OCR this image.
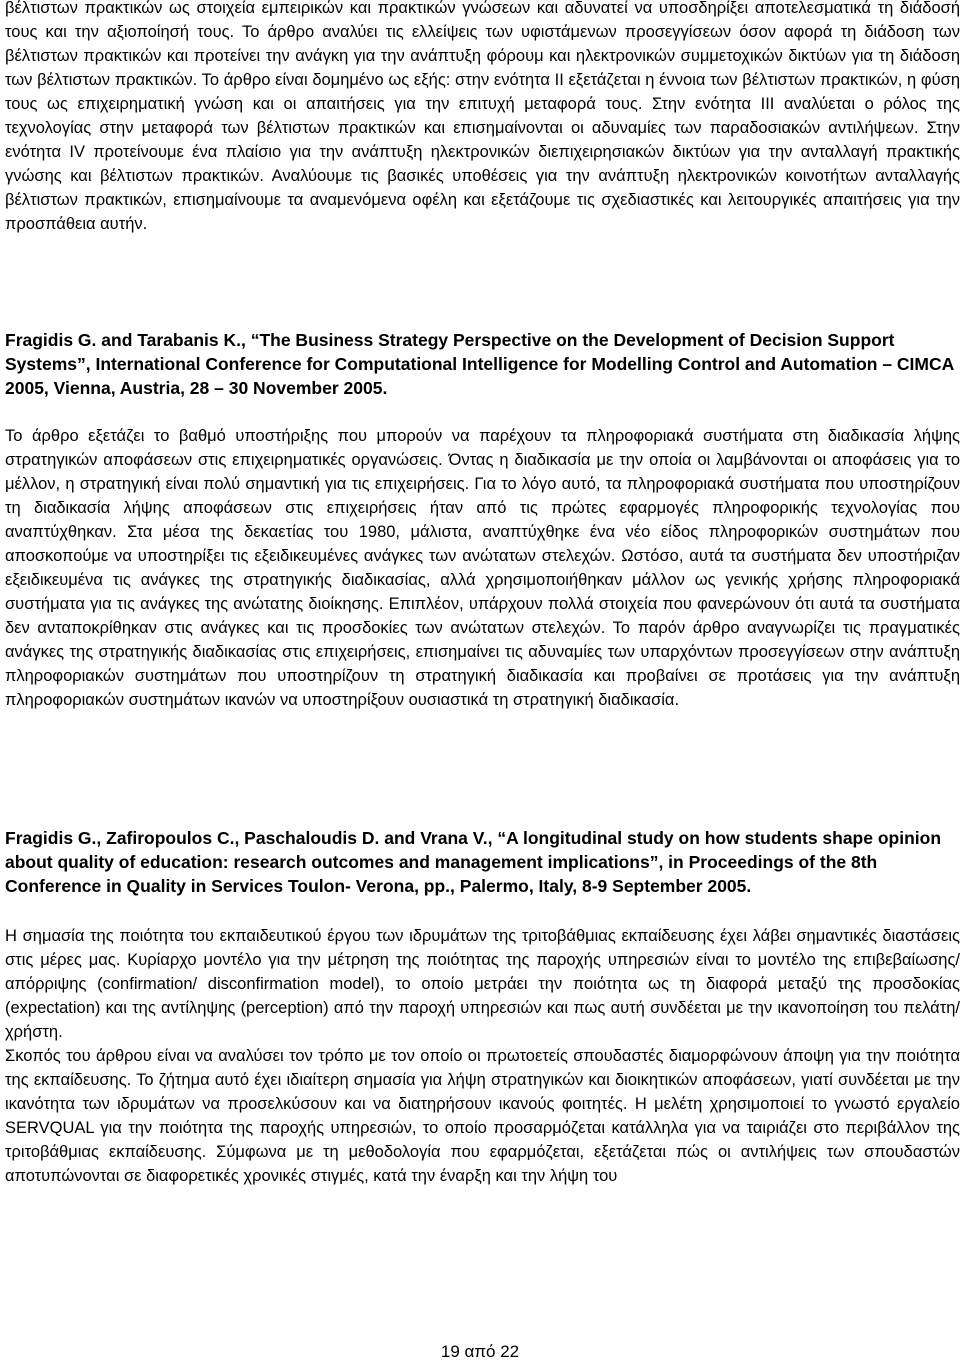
βέλτιστων πρακτικών ως στοιχεία εμπειρικών και πρακτικών γνώσεων και αδυνατεί να υποσδηρίξει αποτελεσματικά τη διάδοσή τους και την αξιοποίησή τους. Το άρθρο αναλύει τις ελλείψεις των υφιστάμενων προσεγγίσεων όσον αφορά τη διάδοση των βέλτιστων πρακτικών και προτείνει την ανάγκη για την ανάπτυξη φόρουμ και ηλεκτρονικών συμμετοχικών δικτύων για τη διάδοση των βέλτιστων πρακτικών. Το άρθρο είναι δομημένο ως εξής: στην ενότητα II εξετάζεται η έννοια των βέλτιστων πρακτικών, η φύση τους ως επιχειρηματική γνώση και οι απαιτήσεις για την επιτυχή μεταφορά τους. Στην ενότητα III αναλύεται ο ρόλος της τεχνολογίας στην μεταφορά των βέλτιστων πρακτικών και επισημαίνονται οι αδυναμίες των παραδοσιακών αντιλήψεων. Στην ενότητα IV προτείνουμε ένα πλαίσιο για την ανάπτυξη ηλεκτρονικών διεπιχειρησιακών δικτύων για την ανταλλαγή πρακτικής γνώσης και βέλτιστων πρακτικών. Αναλύουμε τις βασικές υποθέσεις για την ανάπτυξη ηλεκτρονικών κοινοτήτων ανταλλαγής βέλτιστων πρακτικών, επισημαίνουμε τα αναμενόμενα οφέλη και εξετάζουμε τις σχεδιαστικές και λειτουργικές απαιτήσεις για την προσπάθεια αυτήν.

Fragidis G. and Tarabanis K., “The Business Strategy Perspective on the Development of Decision Support Systems”, International Conference for Computational Intelligence for Modelling Control and Automation – CIMCA 2005, Vienna, Austria, 28 – 30 November 2005.

Το άρθρο εξετάζει το βαθμό υποστήριξης που μπορούν να παρέχουν τα πληροφοριακά συστήματα στη διαδικασία λήψης στρατηγικών αποφάσεων στις επιχειρηματικές οργανώσεις. Όντας η διαδικασία με την οποία οι λαμβάνονται οι αποφάσεις για το μέλλον, η στρατηγική είναι πολύ σημαντική για τις επιχειρήσεις. Για το λόγο αυτό, τα πληροφοριακά συστήματα που υποστηρίζουν τη διαδικασία λήψης αποφάσεων στις επιχειρήσεις ήταν από τις πρώτες εφαρμογές πληροφορικής τεχνολογίας που αναπτύχθηκαν. Στα μέσα της δεκαετίας του 1980, μάλιστα, αναπτύχθηκε ένα νέο είδος πληροφορικών συστημάτων που αποσκοπούμε να υποστηρίξει τις εξειδικευμένες ανάγκες των ανώτατων στελεχών. Ωστόσο, αυτά τα συστήματα δεν υποστήριζαν εξειδικευμένα τις ανάγκες της στρατηγικής διαδικασίας, αλλά χρησιμοποιήθηκαν μάλλον ως γενικής χρήσης πληροφοριακά συστήματα για τις ανάγκες της ανώτατης διοίκησης. Επιπλέον, υπάρχουν πολλά στοιχεία που φανερώνουν ότι αυτά τα συστήματα δεν ανταποκρίθηκαν στις ανάγκες και τις προσδοκίες των ανώτατων στελεχών. Το παρόν άρθρο αναγνωρίζει τις πραγματικές ανάγκες της στρατηγικής διαδικασίας στις επιχειρήσεις, επισημαίνει τις αδυναμίες των υπαρχόντων προσεγγίσεων στην ανάπτυξη πληροφοριακών συστημάτων που υποστηρίζουν τη στρατηγική διαδικασία και προβαίνει σε προτάσεις για την ανάπτυξη πληροφοριακών συστημάτων ικανών να υποστηρίξουν ουσιαστικά τη στρατηγική διαδικασία.

Fragidis G., Zafiropoulos C., Paschaloudis D. and Vrana V., “A longitudinal study on how students shape opinion about quality of education: research outcomes and management implications”, in Proceedings of the 8th Conference in Quality in Services Toulon- Verona, pp., Palermo, Italy, 8-9 September 2005.

Η σημασία της ποιότητα του εκπαιδευτικού έργου των ιδρυμάτων της τριτοβάθμιας εκπαίδευσης έχει λάβει σημαντικές διαστάσεις στις μέρες μας. Κυρίαρχο μοντέλο για την μέτρηση της ποιότητας της παροχής υπηρεσιών είναι το μοντέλο της επιβεβαίωσης/ απόρριψης (confirmation/ disconfirmation model), το οποίο μετράει την ποιότητα ως τη διαφορά μεταξύ της προσδοκίας (expectation) και της αντίληψης (perception) από την παροχή υπηρεσιών και πως αυτή συνδέεται με την ικανοποίηση του πελάτη/ χρήστη.

Σκοπός του άρθρου είναι να αναλύσει τον τρόπο με τον οποίο οι πρωτοετείς σπουδαστές διαμορφώνουν άποψη για την ποιότητα της εκπαίδευσης. Το ζήτημα αυτό έχει ιδιαίτερη σημασία για λήψη στρατηγικών και διοικητικών αποφάσεων, γιατί συνδέεται με την ικανότητα των ιδρυμάτων να προσελκύσουν και να διατηρήσουν ικανούς φοιτητές. Η μελέτη χρησιμοποιεί το γνωστό εργαλείο SERVQUAL για την ποιότητα της παροχής υπηρεσιών, το οποίο προσαρμόζεται κατάλληλα για να ταιριάζει στο περιβάλλον της τριτοβάθμιας εκπαίδευσης. Σύμφωνα με τη μεθοδολογία που εφαρμόζεται, εξετάζεται πώς οι αντιλήψεις των σπουδαστών αποτυπώνονται σε διαφορετικές χρονικές στιγμές, κατά την έναρξη και την λήψη του

19 από 22
